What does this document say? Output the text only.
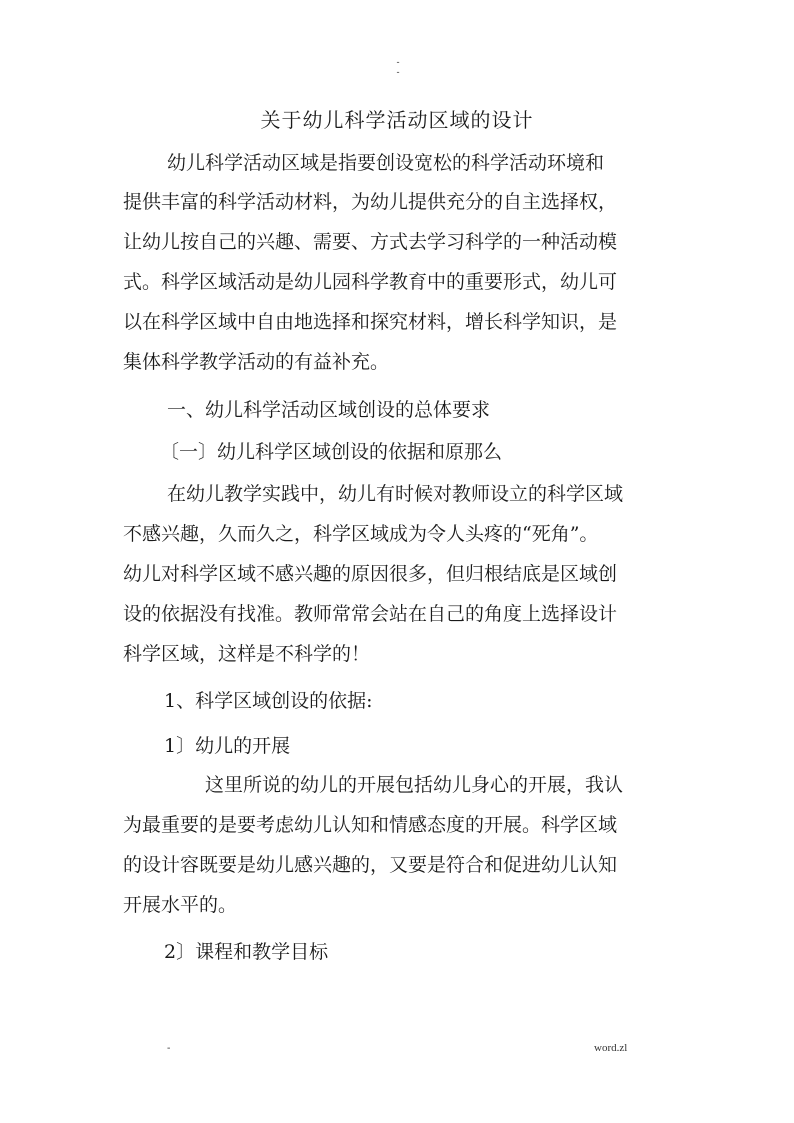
-
-
关于幼儿科学活动区域的设计
幼儿科学活动区域是指要创设宽松的科学活动环境和
提供丰富的科学活动材料，为幼儿提供充分的自主选择权，
让幼儿按自己的兴趣、需要、方式去学习科学的一种活动模
式。科学区域活动是幼儿园科学教育中的重要形式，幼儿可
以在科学区域中自由地选择和探究材料，增长科学知识，是
集体科学教学活动的有益补充。
一、幼儿科学活动区域创设的总体要求
〔一〕幼儿科学区域创设的依据和原那么
在幼儿教学实践中，幼儿有时候对教师设立的科学区域
不感兴趣，久而久之，科学区域成为令人头疼的“死角”。
幼儿对科学区域不感兴趣的原因很多，但归根结底是区域创
设的依据没有找准。教师常常会站在自己的角度上选择设计
科学区域，这样是不科学的！
1、科学区域创设的依据:
1〕幼儿的开展
这里所说的幼儿的开展包括幼儿身心的开展，我认
为最重要的是要考虑幼儿认知和情感态度的开展。科学区域
的设计容既要是幼儿感兴趣的，又要是符合和促进幼儿认知
开展水平的。
2〕课程和教学目标
-	word.zl
